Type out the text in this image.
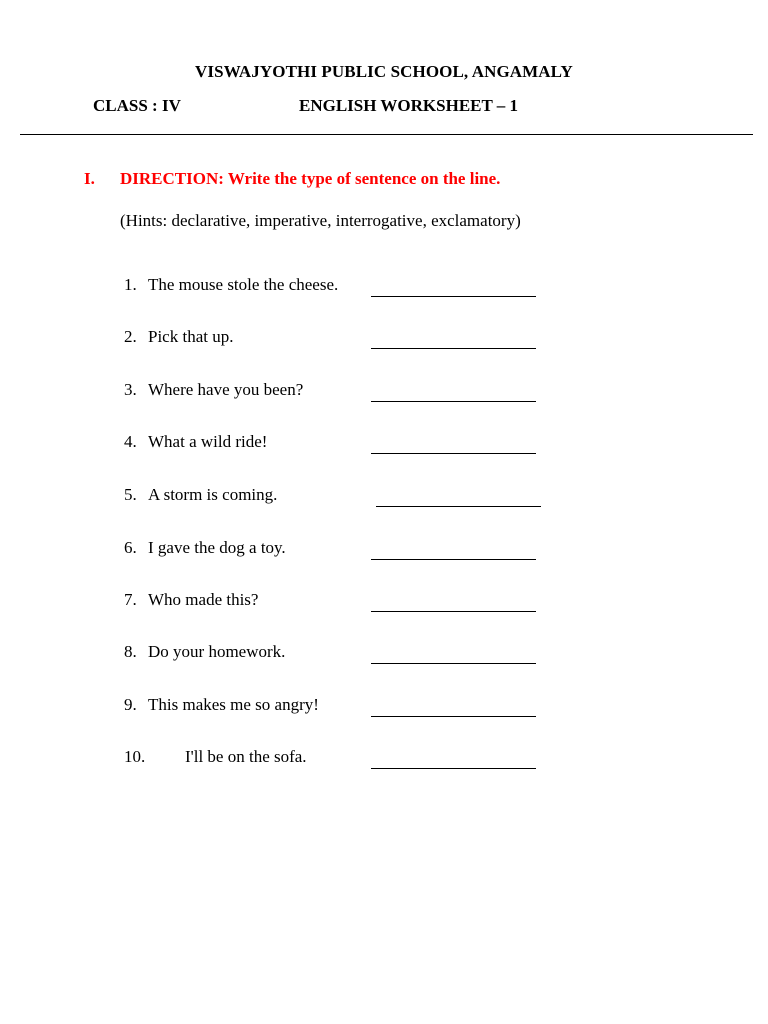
VISWAJYOTHI PUBLIC SCHOOL, ANGAMALY
CLASS : IV	ENGLISH WORKSHEET – 1
I. DIRECTION: Write the type of sentence on the line.
(Hints: declarative, imperative, interrogative, exclamatory)
1. The mouse stole the cheese.
2. Pick that up.
3. Where have you been?
4. What a wild ride!
5. A storm is coming.
6. I gave the dog a toy.
7. Who made this?
8. Do your homework.
9. This makes me so angry!
10. I'll be on the sofa.
